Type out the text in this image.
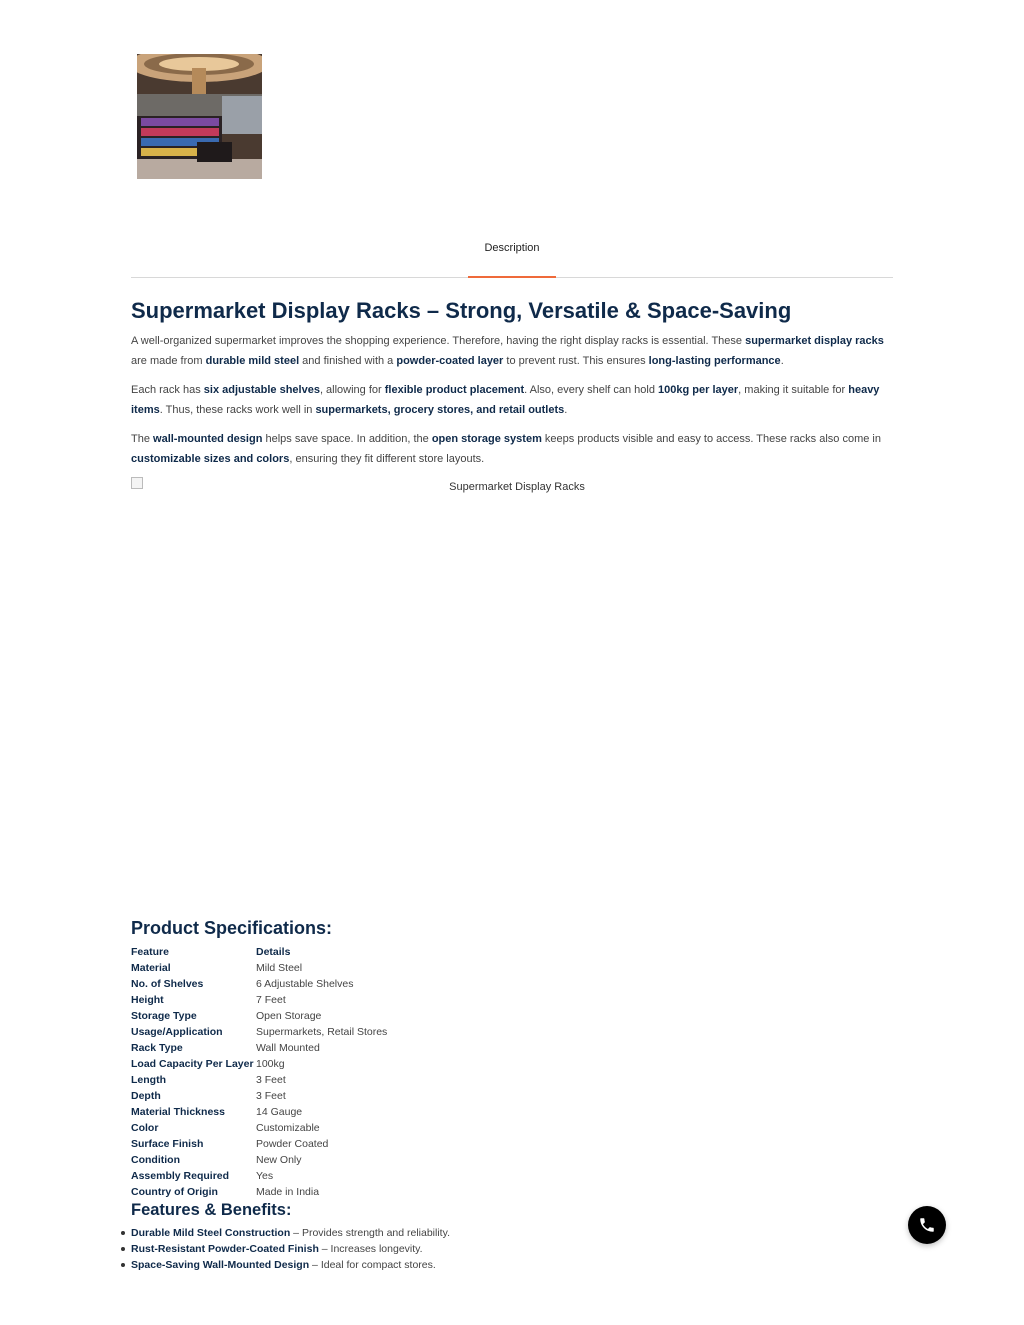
Description
Supermarket Display Racks – Strong, Versatile & Space-Saving

A well-organized supermarket improves the shopping experience. Therefore, having the right display racks is essential. These supermarket display racks are made from durable mild steel and finished with a powder-coated layer to prevent rust. This ensures long-lasting performance.

Each rack has six adjustable shelves, allowing for flexible product placement. Also, every shelf can hold 100kg per layer, making it suitable for heavy items. Thus, these racks work well in supermarkets, grocery stores, and retail outlets.

The wall-mounted design helps save space. In addition, the open storage system keeps products visible and easy to access. These racks also come in customizable sizes and colors, ensuring they fit different store layouts.

Supermarket Display Racks
Product Specifications:
Feature	Details
Material	Mild Steel
No. of Shelves	6 Adjustable Shelves
Height	7 Feet
Storage Type	Open Storage
Usage/Application	Supermarkets, Retail Stores
Rack Type	Wall Mounted
Load Capacity Per Layer	100kg
Length	3 Feet
Depth	3 Feet
Material Thickness	14 Gauge
Color	Customizable
Surface Finish	Powder Coated
Condition	New Only
Assembly Required	Yes
Country of Origin	Made in India
Features & Benefits:
Durable Mild Steel Construction – Provides strength and reliability.
Rust-Resistant Powder-Coated Finish – Increases longevity.
Space-Saving Wall-Mounted Design – Ideal for compact stores.
